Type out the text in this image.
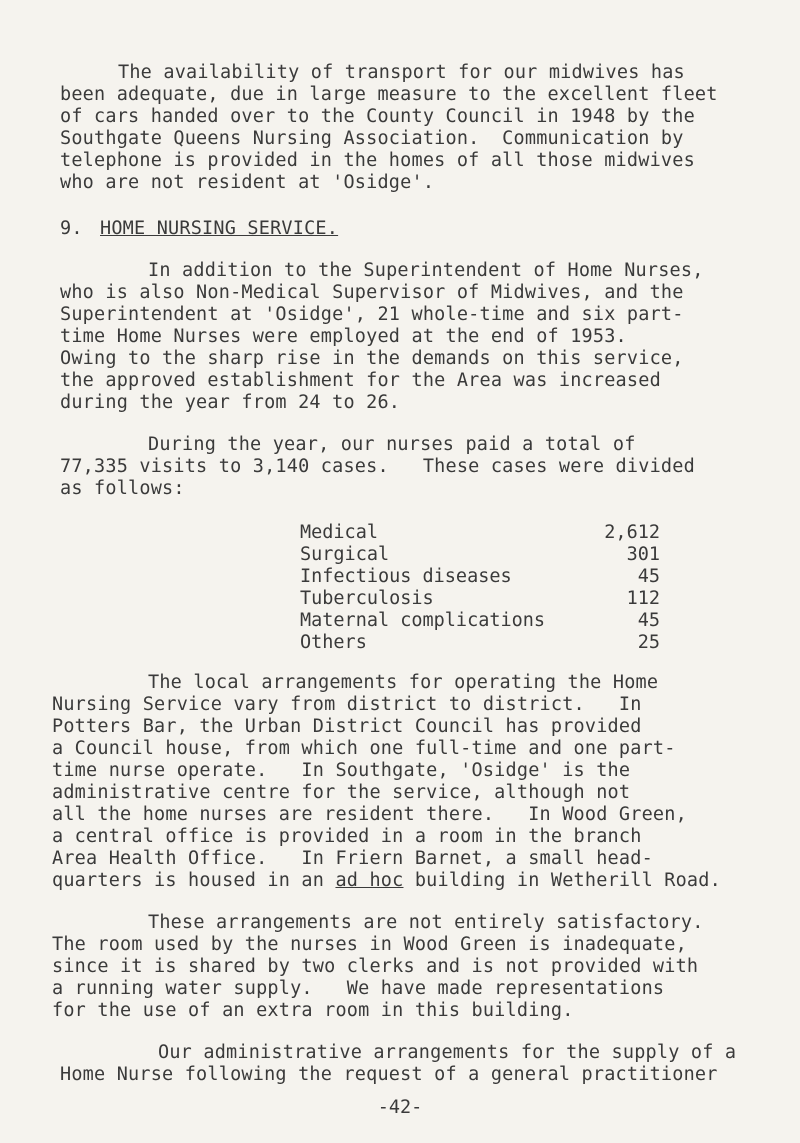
The availability of transport for our midwives has
been adequate, due in large measure to the excellent fleet
of cars handed over to the County Council in 1948 by the
Southgate Queens Nursing Association.  Communication by
telephone is provided in the homes of all those midwives
who are not resident at 'Osidge'.
9. HOME NURSING SERVICE.
In addition to the Superintendent of Home Nurses,
who is also Non-Medical Supervisor of Midwives, and the
Superintendent at 'Osidge', 21 whole-time and six part-
time Home Nurses were employed at the end of 1953.
Owing to the sharp rise in the demands on this service,
the approved establishment for the Area was increased
during the year from 24 to 26.
During the year, our nurses paid a total of
77,335 visits to 3,140 cases.   These cases were divided
as follows:
Medical	2,612
Surgical	301
Infectious diseases	45
Tuberculosis	112
Maternal complications	45
Others	25
The local arrangements for operating the Home
Nursing Service vary from district to district.   In
Potters Bar, the Urban District Council has provided
a Council house, from which one full-time and one part-
time nurse operate.   In Southgate, 'Osidge' is the
administrative centre for the service, although not
all the home nurses are resident there.   In Wood Green,
a central office is provided in a room in the branch
Area Health Office.   In Friern Barnet, a small head-
quarters is housed in an ad hoc building in Wetherill Road.
These arrangements are not entirely satisfactory.
The room used by the nurses in Wood Green is inadequate,
since it is shared by two clerks and is not provided with
a running water supply.   We have made representations
for the use of an extra room in this building.
Our administrative arrangements for the supply of a
Home Nurse following the request of a general practitioner
-42-
